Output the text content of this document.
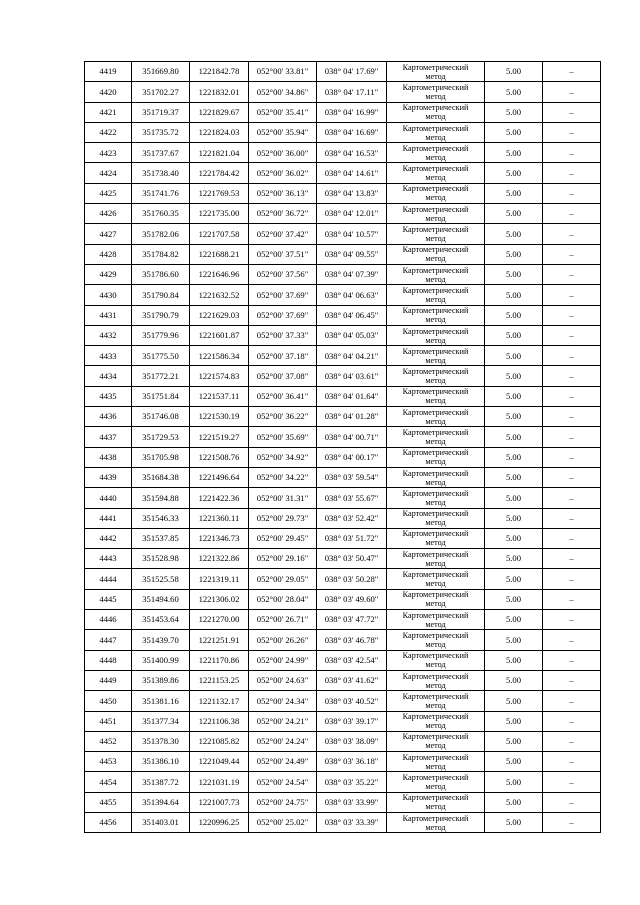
4419	351669.80	1221842.78	052°00' 33.81"	038° 04' 17.69"	Картометрический
метод	5.00	–
4420	351702.27	1221832.01	052°00' 34.86"	038° 04' 17.11"	Картометрический
метод	5.00	–
4421	351719.37	1221829.67	052°00' 35.41"	038° 04' 16.99"	Картометрический
метод	5.00	–
4422	351735.72	1221824.03	052°00' 35.94"	038° 04' 16.69"	Картометрический
метод	5.00	–
4423	351737.67	1221821.04	052°00' 36.00"	038° 04' 16.53"	Картометрический
метод	5.00	–
4424	351738.40	1221784.42	052°00' 36.02"	038° 04' 14.61"	Картометрический
метод	5.00	–
4425	351741.76	1221769.53	052°00' 36.13"	038° 04' 13.83"	Картометрический
метод	5.00	–
4426	351760.35	1221735.00	052°00' 36.72"	038° 04' 12.01"	Картометрический
метод	5.00	–
4427	351782.06	1221707.58	052°00' 37.42"	038° 04' 10.57"	Картометрический
метод	5.00	–
4428	351784.82	1221688.21	052°00' 37.51"	038° 04' 09.55"	Картометрический
метод	5.00	–
4429	351786.60	1221646.96	052°00' 37.56"	038° 04' 07.39"	Картометрический
метод	5.00	–
4430	351790.84	1221632.52	052°00' 37.69"	038° 04' 06.63"	Картометрический
метод	5.00	–
4431	351790.79	1221629.03	052°00' 37.69"	038° 04' 06.45"	Картометрический
метод	5.00	–
4432	351779.96	1221601.87	052°00' 37.33"	038° 04' 05.03"	Картометрический
метод	5.00	–
4433	351775.50	1221586.34	052°00' 37.18"	038° 04' 04.21"	Картометрический
метод	5.00	–
4434	351772.21	1221574.83	052°00' 37.08"	038° 04' 03.61"	Картометрический
метод	5.00	–
4435	351751.84	1221537.11	052°00' 36.41"	038° 04' 01.64"	Картометрический
метод	5.00	–
4436	351746.08	1221530.19	052°00' 36.22"	038° 04' 01.28"	Картометрический
метод	5.00	–
4437	351729.53	1221519.27	052°00' 35.69"	038° 04' 00.71"	Картометрический
метод	5.00	–
4438	351705.98	1221508.76	052°00' 34.92"	038° 04' 00.17"	Картометрический
метод	5.00	–
4439	351684.38	1221496.64	052°00' 34.22"	038° 03' 59.54"	Картометрический
метод	5.00	–
4440	351594.88	1221422.36	052°00' 31.31"	038° 03' 55.67"	Картометрический
метод	5.00	–
4441	351546.33	1221360.11	052°00' 29.73"	038° 03' 52.42"	Картометрический
метод	5.00	–
4442	351537.85	1221346.73	052°00' 29.45"	038° 03' 51.72"	Картометрический
метод	5.00	–
4443	351528.98	1221322.86	052°00' 29.16"	038° 03' 50.47"	Картометрический
метод	5.00	–
4444	351525.58	1221319.11	052°00' 29.05"	038° 03' 50.28"	Картометрический
метод	5.00	–
4445	351494.60	1221306.02	052°00' 28.04"	038° 03' 49.60"	Картометрический
метод	5.00	–
4446	351453.64	1221270.00	052°00' 26.71"	038° 03' 47.72"	Картометрический
метод	5.00	–
4447	351439.70	1221251.91	052°00' 26.26"	038° 03' 46.78"	Картометрический
метод	5.00	–
4448	351400.99	1221170.86	052°00' 24.99"	038° 03' 42.54"	Картометрический
метод	5.00	–
4449	351389.86	1221153.25	052°00' 24.63"	038° 03' 41.62"	Картометрический
метод	5.00	–
4450	351381.16	1221132.17	052°00' 24.34"	038° 03' 40.52"	Картометрический
метод	5.00	–
4451	351377.34	1221106.38	052°00' 24.21"	038° 03' 39.17"	Картометрический
метод	5.00	–
4452	351378.30	1221085.82	052°00' 24.24"	038° 03' 38.09"	Картометрический
метод	5.00	–
4453	351386.10	1221049.44	052°00' 24.49"	038° 03' 36.18"	Картометрический
метод	5.00	–
4454	351387.72	1221031.19	052°00' 24.54"	038° 03' 35.22"	Картометрический
метод	5.00	–
4455	351394.64	1221007.73	052°00' 24.75"	038° 03' 33.99"	Картометрический
метод	5.00	–
4456	351403.01	1220996.25	052°00' 25.02"	038° 03' 33.39"	Картометрический
метод	5.00	–
